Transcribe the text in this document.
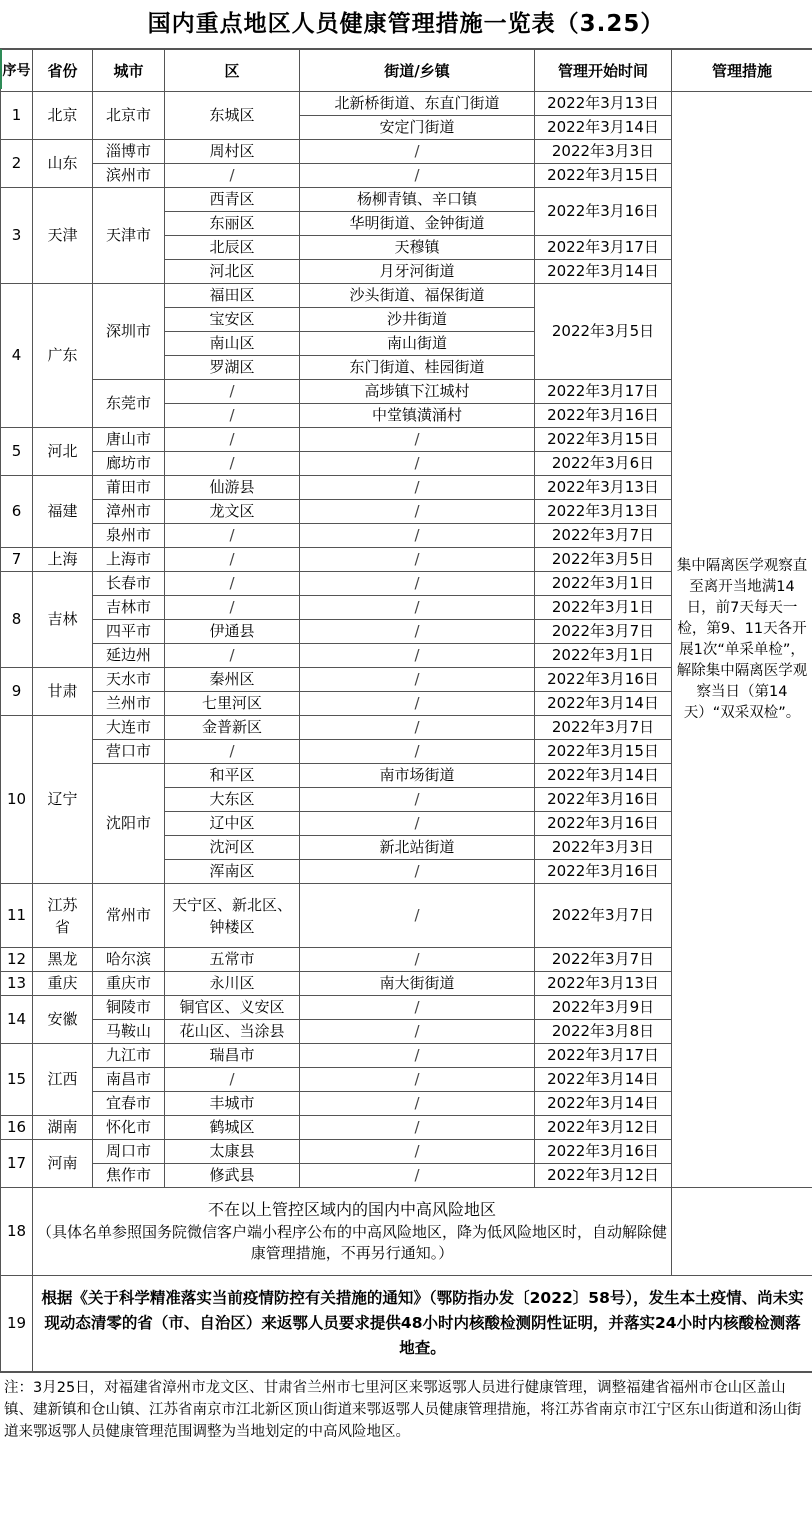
国内重点地区人员健康管理措施一览表（3.25）
序号	省份	城市	区	街道/乡镇	管理开始时间	管理措施
1	北京	北京市	东城区	北新桥街道、东直门街道	2022年3月13日	集中隔离医学观察直至离开当地满14日，前7天每天一检，第9、11天各开展1次“单采单检”，解除集中隔离医学观察当日（第14天）“双采双检”。
				安定门街道	2022年3月14日	
2	山东	淄博市	周村区	/	2022年3月3日	
		滨州市	/	/	2022年3月15日	
3	天津	天津市	西青区	杨柳青镇、辛口镇	2022年3月16日	
			东丽区	华明街道、金钟街道		
			北辰区	天穆镇	2022年3月17日	
			河北区	月牙河街道	2022年3月14日	
4	广东	深圳市	福田区	沙头街道、福保街道	2022年3月5日	
			宝安区	沙井街道		
			南山区	南山街道		
			罗湖区	东门街道、桂园街道		
		东莞市	/	高埗镇下江城村	2022年3月17日	
			/	中堂镇潢涌村	2022年3月16日	
5	河北	唐山市	/	/	2022年3月15日	
		廊坊市	/	/	2022年3月6日	
6	福建	莆田市	仙游县	/	2022年3月13日	
		漳州市	龙文区	/	2022年3月13日	
		泉州市	/	/	2022年3月7日	
7	上海	上海市	/	/	2022年3月5日	
8	吉林	长春市	/	/	2022年3月1日	
		吉林市	/	/	2022年3月1日	
		四平市	伊通县	/	2022年3月7日	
		延边州	/	/	2022年3月1日	
9	甘肃	天水市	秦州区	/	2022年3月16日	
		兰州市	七里河区	/	2022年3月14日	
10	辽宁	大连市	金普新区	/	2022年3月7日	
		营口市	/	/	2022年3月15日	
		沈阳市	和平区	南市场街道	2022年3月14日	
			大东区	/	2022年3月16日	
			辽中区	/	2022年3月16日	
			沈河区	新北站街道	2022年3月3日	
			浑南区	/	2022年3月16日	
11	江苏省	常州市	天宁区、新北区、钟楼区	/	2022年3月7日	
12	黑龙	哈尔滨	五常市	/	2022年3月7日	
13	重庆	重庆市	永川区	南大街街道	2022年3月13日	
14	安徽	铜陵市	铜官区、义安区	/	2022年3月9日	
		马鞍山	花山区、当涂县	/	2022年3月8日	
15	江西	九江市	瑞昌市	/	2022年3月17日	
		南昌市	/	/	2022年3月14日	
		宜春市	丰城市	/	2022年3月14日	
16	湖南	怀化市	鹤城区	/	2022年3月12日	
17	河南	周口市	太康县	/	2022年3月16日	
		焦作市	修武县	/	2022年3月12日	
18	不在以上管控区域内的国内中高风险地区
（具体名单参照国务院微信客户端小程序公布的中高风险地区，降为低风险地区时，自动解除健康管理措施，不再另行通知。）					
19	根据《关于科学精准落实当前疫情防控有关措施的通知》（鄂防指办发〔2022〕58号），发生本土疫情、尚未实现动态清零的省（市、自治区）来返鄂人员要求提供48小时内核酸检测阴性证明，并落实24小时内核酸检测落地查。					
注：3月25日，对福建省漳州市龙文区、甘肃省兰州市七里河区来鄂返鄂人员进行健康管理，调整福建省福州市仓山区盖山镇、建新镇和仓山镇、江苏省南京市江北新区顶山街道来鄂返鄂人员健康管理措施，将江苏省南京市江宁区东山街道和汤山街道来鄂返鄂人员健康管理范围调整为当地划定的中高风险地区。
